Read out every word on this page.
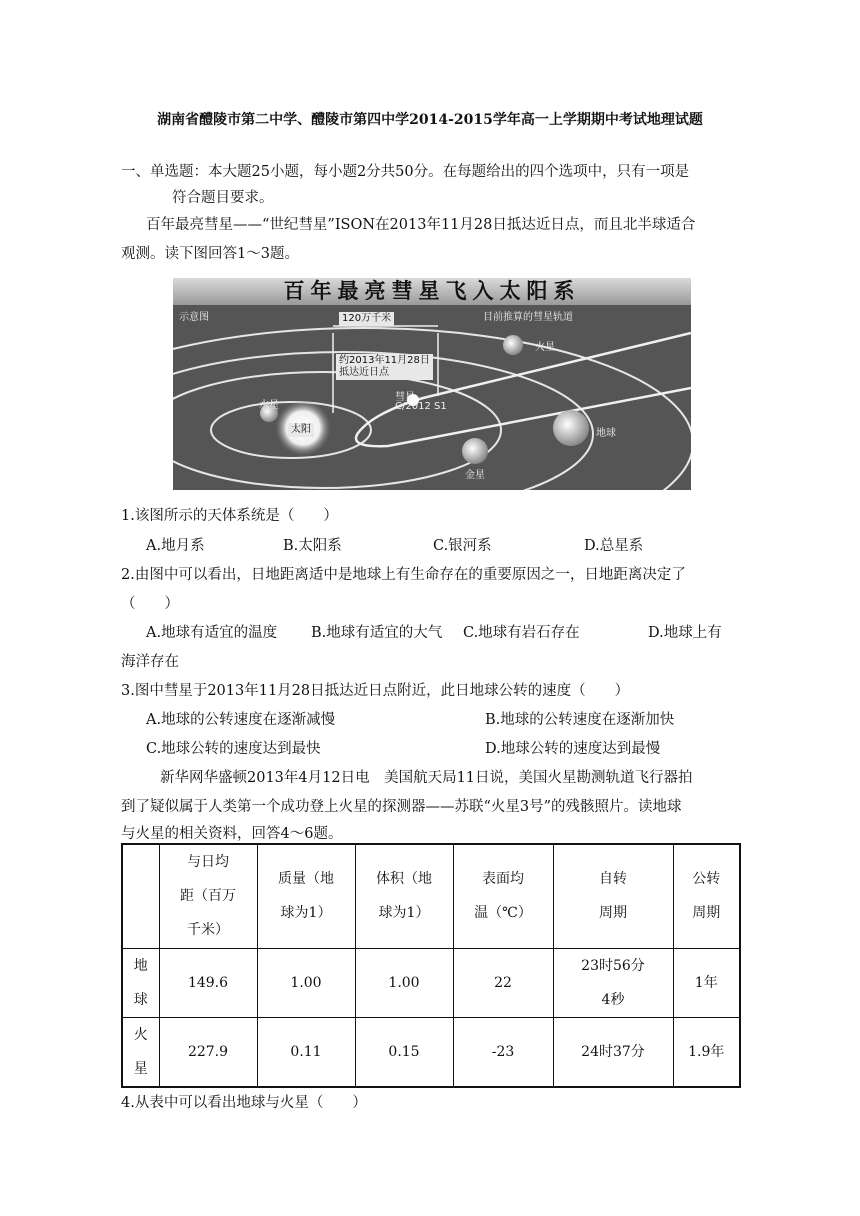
湖南省醴陵市第二中学、醴陵市第四中学2014-2015学年高一上学期期中考试地理试题
一、单选题：本大题25小题，每小题2分共50分。在每题给出的四个选项中，只有一项是
符合题目要求。
百年最亮彗星——“世纪彗星”ISON在2013年11月28日抵达近日点，而且北半球适合
观测。读下图回答1～3题。
百年最亮彗星飞入太阳系
示意图	120万千米	目前推算的彗星轨道
约2013年11月28日
抵达近日点
彗星
C/2012 S1
水星
太阳
金星
地球
火星
1.该图所示的天体系统是（　　）
A.地月系	B.太阳系	C.银河系	D.总星系
2.由图中可以看出，日地距离适中是地球上有生命存在的重要原因之一，日地距离决定了
（　　）
A.地球有适宜的温度 B.地球有适宜的大气 C.地球有岩石存在	D.地球上有
海洋存在
3.图中彗星于2013年11月28日抵达近日点附近，此日地球公转的速度（　　）
A.地球的公转速度在逐渐减慢	B.地球的公转速度在逐渐加快
C.地球公转的速度达到最快	D.地球公转的速度达到最慢
新华网华盛顿2013年4月12日电　美国航天局11日说，美国火星勘测轨道飞行器拍
到了疑似属于人类第一个成功登上火星的探测器——苏联“火星3号”的残骸照片。读地球
与火星的相关资料，回答4～6题。
	与日均
距（百万
千米）	质量（地
球为1）	体积（地
球为1）	表面均
温（℃）	自转
周期	公转
周期
地
球	149.6	1.00	1.00	22	23时56分
4秒	1年
火
星	227.9	0.11	0.15	-23	24时37分	1.9年
4.从表中可以看出地球与火星（　　）
